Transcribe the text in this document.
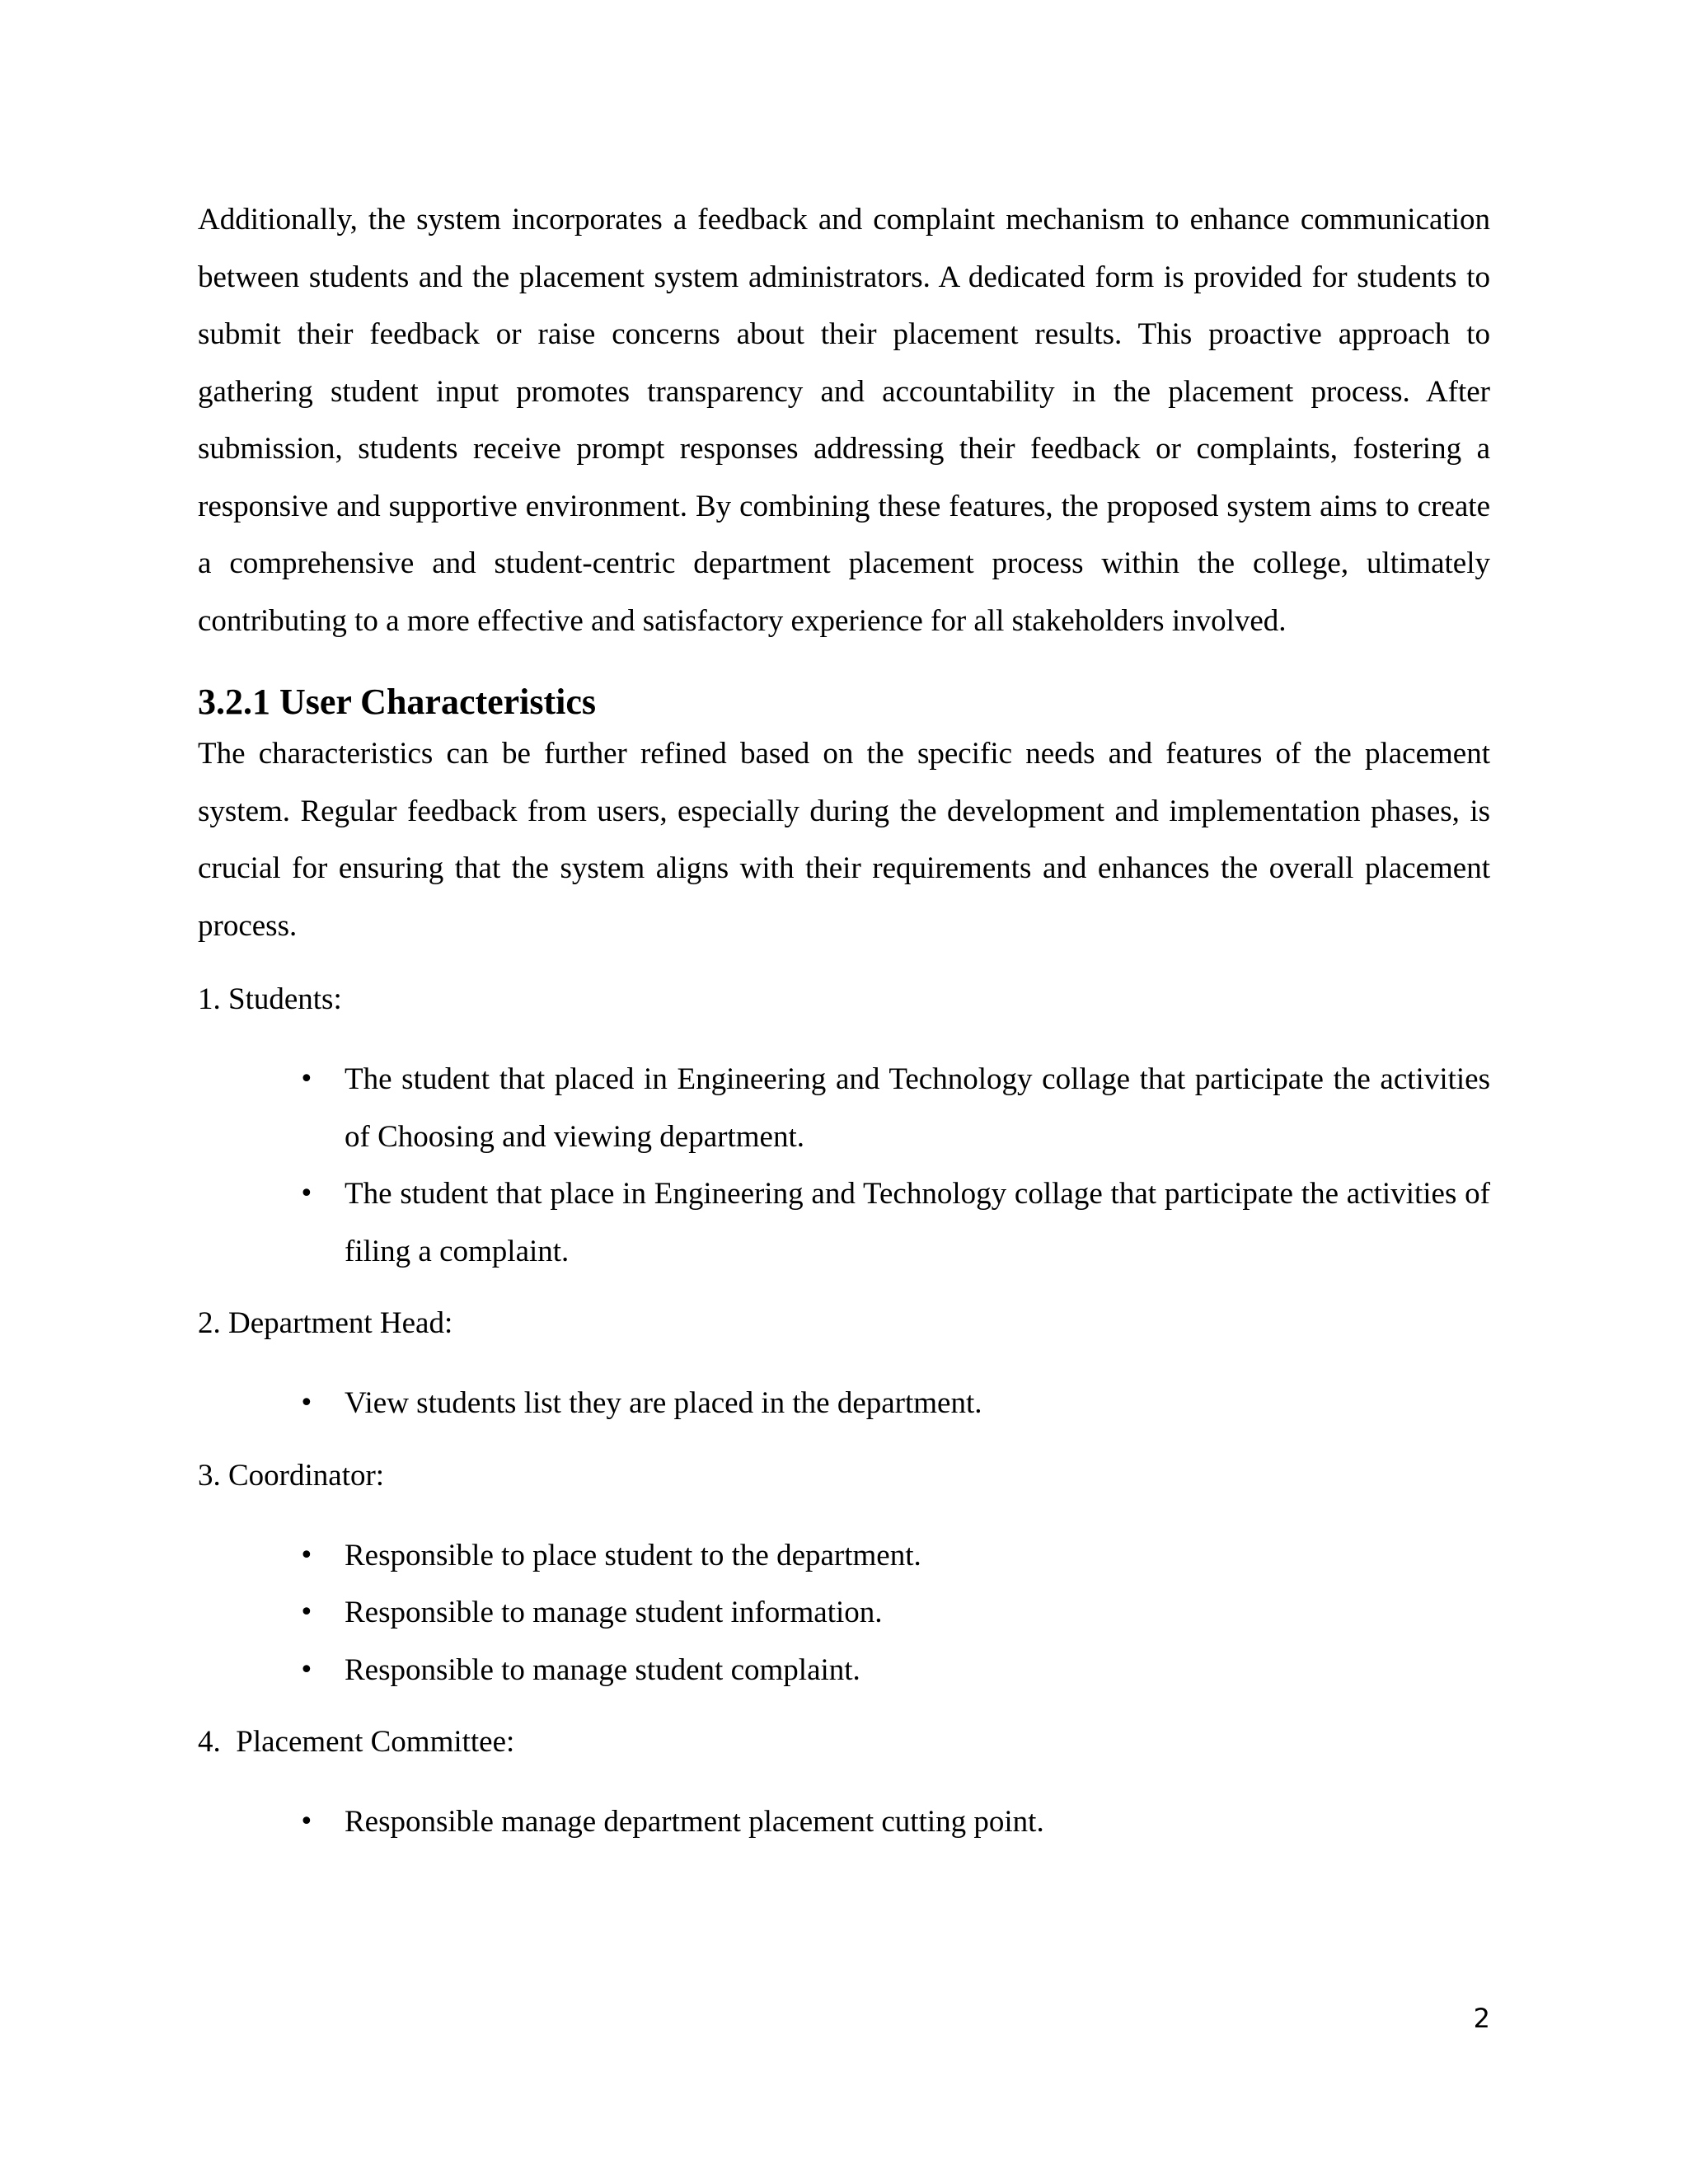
Additionally, the system incorporates a feedback and complaint mechanism to enhance communication between students and the placement system administrators. A dedicated form is provided for students to submit their feedback or raise concerns about their placement results. This proactive approach to gathering student input promotes transparency and accountability in the placement process. After submission, students receive prompt responses addressing their feedback or complaints, fostering a responsive and supportive environment. By combining these features, the proposed system aims to create a comprehensive and student-centric department placement process within the college, ultimately contributing to a more effective and satisfactory experience for all stakeholders involved.

3.2.1 User Characteristics

The characteristics can be further refined based on the specific needs and features of the placement system. Regular feedback from users, especially during the development and implementation phases, is crucial for ensuring that the system aligns with their requirements and enhances the overall placement process.

1. Students:

• The student that placed in Engineering and Technology collage that participate the activities of Choosing and viewing department.
• The student that place in Engineering and Technology collage that participate the activities of filing a complaint.

2. Department Head:

• View students list they are placed in the department.

3. Coordinator:

• Responsible to place student to the department.
• Responsible to manage student information.
• Responsible to manage student complaint.

4.  Placement Committee:

• Responsible manage department placement cutting point.
2
